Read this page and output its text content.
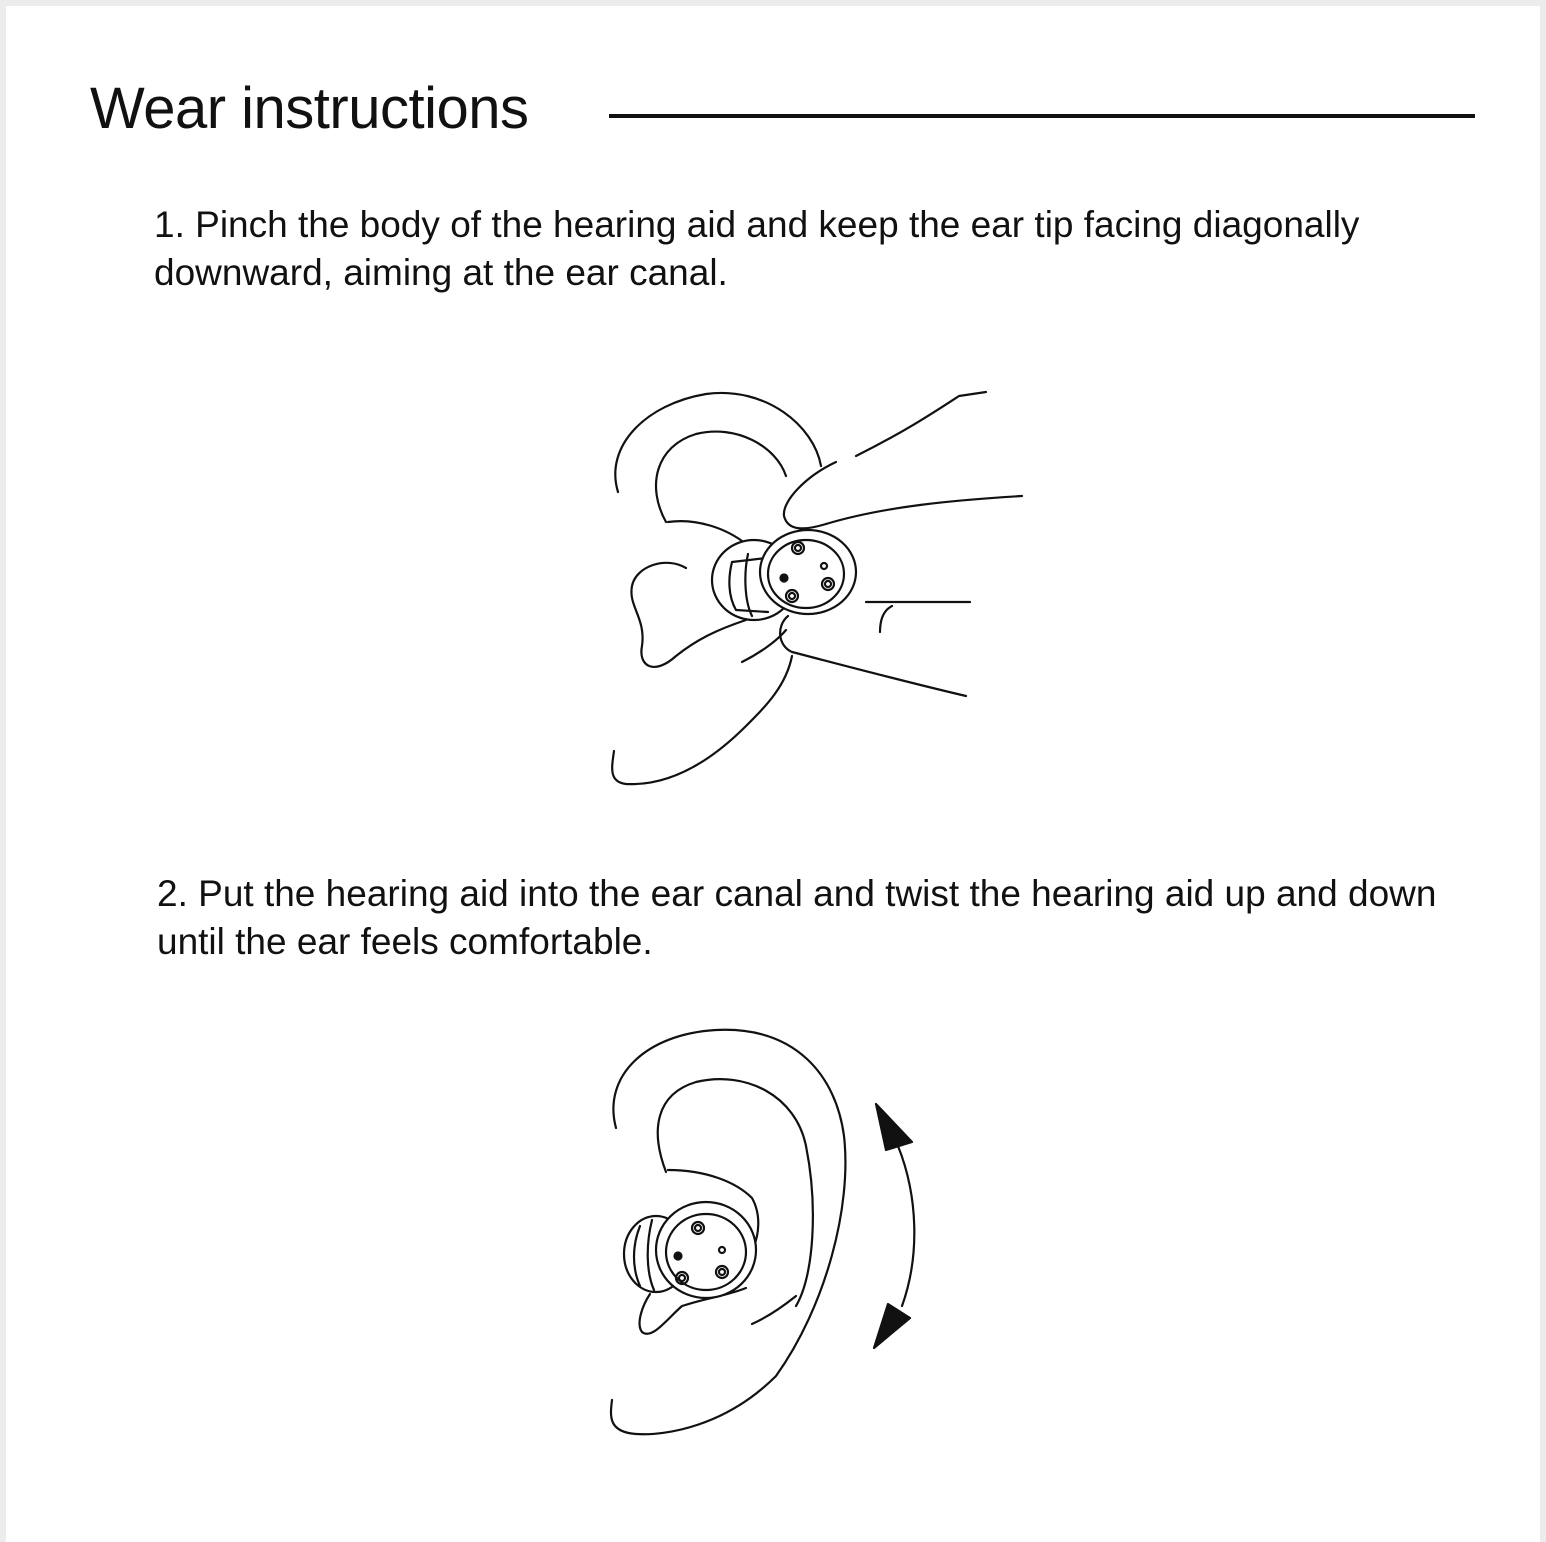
Wear instructions

1. Pinch the body of the hearing aid and keep the ear tip facing diagonally downward, aiming at the ear canal.

2. Put the hearing aid into the ear canal and twist the hearing aid up and down until the ear feels comfortable.
